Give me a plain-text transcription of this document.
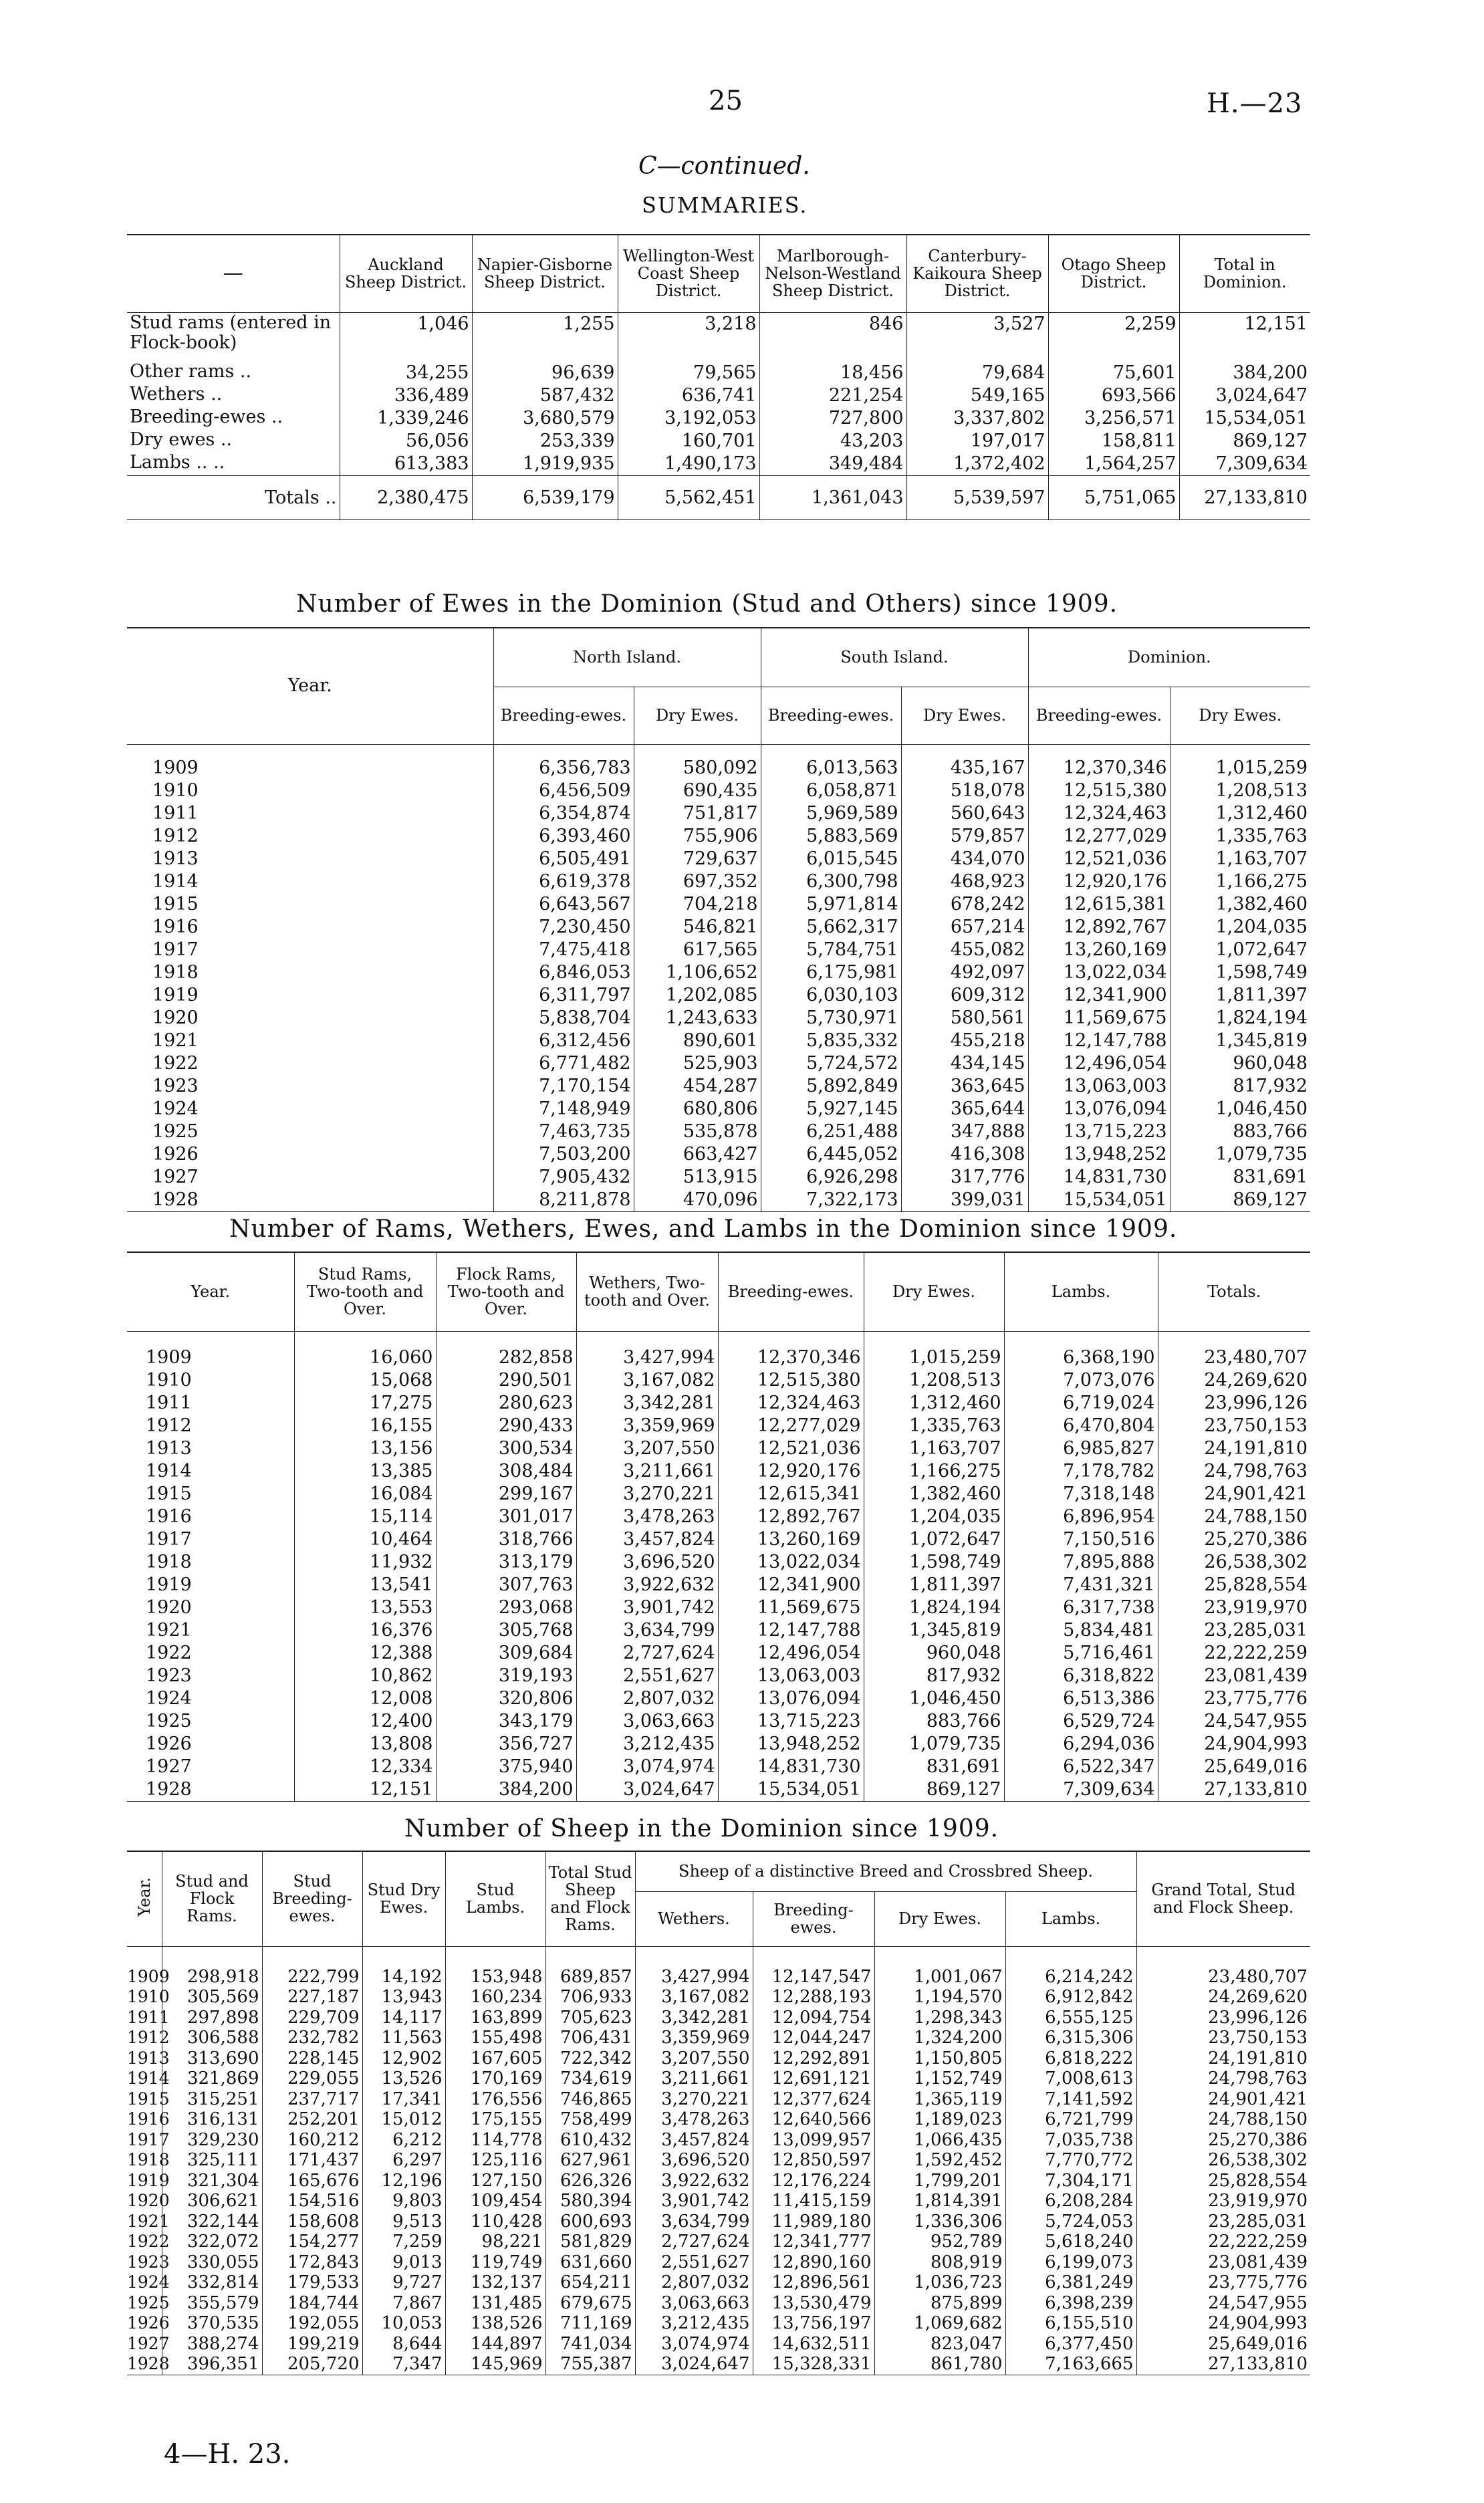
25	H.—23
C—continued.
SUMMARIES.
—	Auckland Sheep District.	Napier-Gisborne Sheep District.	Wellington-West Coast Sheep District.	Marlborough-Nelson-Westland Sheep District.	Canterbury-Kaikoura Sheep District.	Otago Sheep District.	Total in Dominion.
Stud rams (entered in Flock-book)	1,046	1,255	3,218	846	3,527	2,259	12,151
Other rams ..	34,255	96,639	79,565	18,456	79,684	75,601	384,200
Wethers ..	336,489	587,432	636,741	221,254	549,165	693,566	3,024,647
Breeding-ewes ..	1,339,246	3,680,579	3,192,053	727,800	3,337,802	3,256,571	15,534,051
Dry ewes ..	56,056	253,339	160,701	43,203	197,017	158,811	869,127
Lambs .. ..	613,383	1,919,935	1,490,173	349,484	1,372,402	1,564,257	7,309,634
Totals ..	2,380,475	6,539,179	5,562,451	1,361,043	5,539,597	5,751,065	27,133,810
Number of Ewes in the Dominion (Stud and Others) since 1909.
Year.	North Island.		South Island.		Dominion.	
	Breeding-ewes.	Dry Ewes.	Breeding-ewes.	Dry Ewes.	Breeding-ewes.	Dry Ewes.
1909	6,356,783	580,092	6,013,563	435,167	12,370,346	1,015,259
1910	6,456,509	690,435	6,058,871	518,078	12,515,380	1,208,513
1911	6,354,874	751,817	5,969,589	560,643	12,324,463	1,312,460
1912	6,393,460	755,906	5,883,569	579,857	12,277,029	1,335,763
1913	6,505,491	729,637	6,015,545	434,070	12,521,036	1,163,707
1914	6,619,378	697,352	6,300,798	468,923	12,920,176	1,166,275
1915	6,643,567	704,218	5,971,814	678,242	12,615,381	1,382,460
1916	7,230,450	546,821	5,662,317	657,214	12,892,767	1,204,035
1917	7,475,418	617,565	5,784,751	455,082	13,260,169	1,072,647
1918	6,846,053	1,106,652	6,175,981	492,097	13,022,034	1,598,749
1919	6,311,797	1,202,085	6,030,103	609,312	12,341,900	1,811,397
1920	5,838,704	1,243,633	5,730,971	580,561	11,569,675	1,824,194
1921	6,312,456	890,601	5,835,332	455,218	12,147,788	1,345,819
1922	6,771,482	525,903	5,724,572	434,145	12,496,054	960,048
1923	7,170,154	454,287	5,892,849	363,645	13,063,003	817,932
1924	7,148,949	680,806	5,927,145	365,644	13,076,094	1,046,450
1925	7,463,735	535,878	6,251,488	347,888	13,715,223	883,766
1926	7,503,200	663,427	6,445,052	416,308	13,948,252	1,079,735
1927	7,905,432	513,915	6,926,298	317,776	14,831,730	831,691
1928	8,211,878	470,096	7,322,173	399,031	15,534,051	869,127
Number of Rams, Wethers, Ewes, and Lambs in the Dominion since 1909.
Year.	Stud Rams, Two-tooth and Over.	Flock Rams, Two-tooth and Over.	Wethers, Two-tooth and Over.	Breeding-ewes.	Dry Ewes.	Lambs.	Totals.
1909	16,060	282,858	3,427,994	12,370,346	1,015,259	6,368,190	23,480,707
1910	15,068	290,501	3,167,082	12,515,380	1,208,513	7,073,076	24,269,620
1911	17,275	280,623	3,342,281	12,324,463	1,312,460	6,719,024	23,996,126
1912	16,155	290,433	3,359,969	12,277,029	1,335,763	6,470,804	23,750,153
1913	13,156	300,534	3,207,550	12,521,036	1,163,707	6,985,827	24,191,810
1914	13,385	308,484	3,211,661	12,920,176	1,166,275	7,178,782	24,798,763
1915	16,084	299,167	3,270,221	12,615,341	1,382,460	7,318,148	24,901,421
1916	15,114	301,017	3,478,263	12,892,767	1,204,035	6,896,954	24,788,150
1917	10,464	318,766	3,457,824	13,260,169	1,072,647	7,150,516	25,270,386
1918	11,932	313,179	3,696,520	13,022,034	1,598,749	7,895,888	26,538,302
1919	13,541	307,763	3,922,632	12,341,900	1,811,397	7,431,321	25,828,554
1920	13,553	293,068	3,901,742	11,569,675	1,824,194	6,317,738	23,919,970
1921	16,376	305,768	3,634,799	12,147,788	1,345,819	5,834,481	23,285,031
1922	12,388	309,684	2,727,624	12,496,054	960,048	5,716,461	22,222,259
1923	10,862	319,193	2,551,627	13,063,003	817,932	6,318,822	23,081,439
1924	12,008	320,806	2,807,032	13,076,094	1,046,450	6,513,386	23,775,776
1925	12,400	343,179	3,063,663	13,715,223	883,766	6,529,724	24,547,955
1926	13,808	356,727	3,212,435	13,948,252	1,079,735	6,294,036	24,904,993
1927	12,334	375,940	3,074,974	14,831,730	831,691	6,522,347	25,649,016
1928	12,151	384,200	3,024,647	15,534,051	869,127	7,309,634	27,133,810
Number of Sheep in the Dominion since 1909.
Year.	Stud and Flock Rams.	Stud Breeding-ewes.	Stud Dry Ewes.	Stud Lambs.	Total Stud Sheep and Flock Rams.	Sheep of a distinctive Breed and Crossbred Sheep.				Grand Total, Stud and Flock Sheep.
						Wethers.	Breeding-ewes.	Dry Ewes.	Lambs.	
1909	298,918	222,799	14,192	153,948	689,857	3,427,994	12,147,547	1,001,067	6,214,242	23,480,707
1910	305,569	227,187	13,943	160,234	706,933	3,167,082	12,288,193	1,194,570	6,912,842	24,269,620
1911	297,898	229,709	14,117	163,899	705,623	3,342,281	12,094,754	1,298,343	6,555,125	23,996,126
1912	306,588	232,782	11,563	155,498	706,431	3,359,969	12,044,247	1,324,200	6,315,306	23,750,153
1913	313,690	228,145	12,902	167,605	722,342	3,207,550	12,292,891	1,150,805	6,818,222	24,191,810
1914	321,869	229,055	13,526	170,169	734,619	3,211,661	12,691,121	1,152,749	7,008,613	24,798,763
1915	315,251	237,717	17,341	176,556	746,865	3,270,221	12,377,624	1,365,119	7,141,592	24,901,421
1916	316,131	252,201	15,012	175,155	758,499	3,478,263	12,640,566	1,189,023	6,721,799	24,788,150
1917	329,230	160,212	6,212	114,778	610,432	3,457,824	13,099,957	1,066,435	7,035,738	25,270,386
1918	325,111	171,437	6,297	125,116	627,961	3,696,520	12,850,597	1,592,452	7,770,772	26,538,302
1919	321,304	165,676	12,196	127,150	626,326	3,922,632	12,176,224	1,799,201	7,304,171	25,828,554
1920	306,621	154,516	9,803	109,454	580,394	3,901,742	11,415,159	1,814,391	6,208,284	23,919,970
1921	322,144	158,608	9,513	110,428	600,693	3,634,799	11,989,180	1,336,306	5,724,053	23,285,031
1922	322,072	154,277	7,259	98,221	581,829	2,727,624	12,341,777	952,789	5,618,240	22,222,259
1923	330,055	172,843	9,013	119,749	631,660	2,551,627	12,890,160	808,919	6,199,073	23,081,439
1924	332,814	179,533	9,727	132,137	654,211	2,807,032	12,896,561	1,036,723	6,381,249	23,775,776
1925	355,579	184,744	7,867	131,485	679,675	3,063,663	13,530,479	875,899	6,398,239	24,547,955
1926	370,535	192,055	10,053	138,526	711,169	3,212,435	13,756,197	1,069,682	6,155,510	24,904,993
1927	388,274	199,219	8,644	144,897	741,034	3,074,974	14,632,511	823,047	6,377,450	25,649,016
1928	396,351	205,720	7,347	145,969	755,387	3,024,647	15,328,331	861,780	7,163,665	27,133,810
4—H. 23.
